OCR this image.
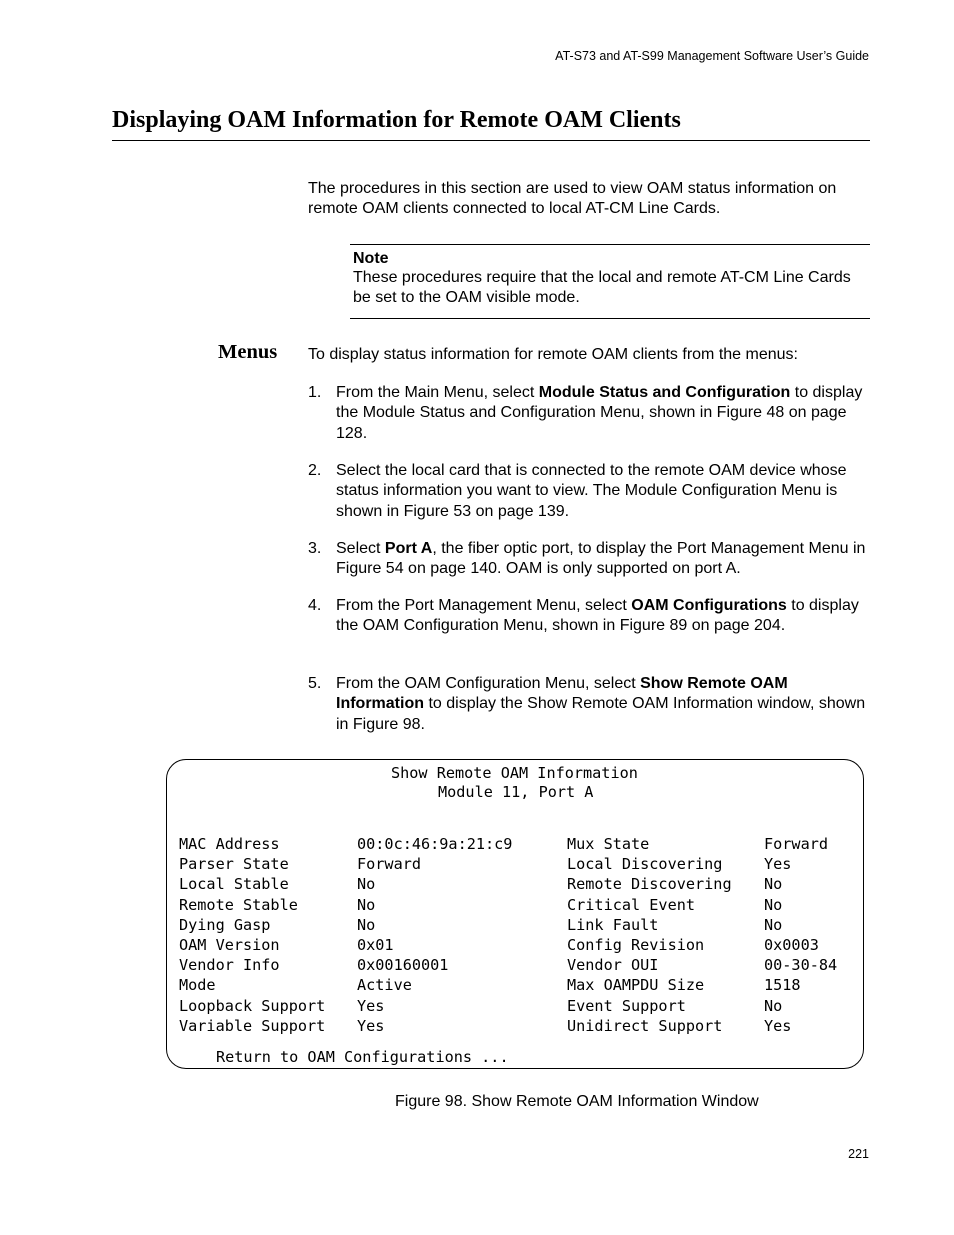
AT-S73 and AT-S99 Management Software User’s Guide
Displaying OAM Information for Remote OAM Clients

The procedures in this section are used to view OAM status information on remote OAM clients connected to local AT-CM Line Cards.

Note
These procedures require that the local and remote AT-CM Line Cards be set to the OAM visible mode.
Menus To display status information for remote OAM clients from the menus:

1. From the Main Menu, select Module Status and Configuration to display the Module Status and Configuration Menu, shown in Figure 48 on page 128.
2. Select the local card that is connected to the remote OAM device whose status information you want to view. The Module Configuration Menu is shown in Figure 53 on page 139.
3. Select Port A, the fiber optic port, to display the Port Management Menu in Figure 54 on page 140. OAM is only supported on port A.
4. From the Port Management Menu, select OAM Configurations to display the OAM Configuration Menu, shown in Figure 89 on page 204.
5. From the OAM Configuration Menu, select Show Remote OAM Information to display the Show Remote OAM Information window, shown in Figure 98.
Show Remote OAM Information
Module 11, Port A
MAC Address
Parser State
Local Stable
Remote Stable
Dying Gasp
OAM Version
Vendor Info
Mode
Loopback Support
Variable Support
00:0c:46:9a:21:c9
Forward
No
No
No
0x01
0x00160001
Active
Yes
Yes
Mux State
Local Discovering
Remote Discovering
Critical Event
Link Fault
Config Revision
Vendor OUI
Max OAMPDU Size
Event Support
Unidirect Support
Forward
Yes
No
No
No
0x0003
00-30-84
1518
No
Yes
Return to OAM Configurations ...
Figure 98. Show Remote OAM Information Window
221
